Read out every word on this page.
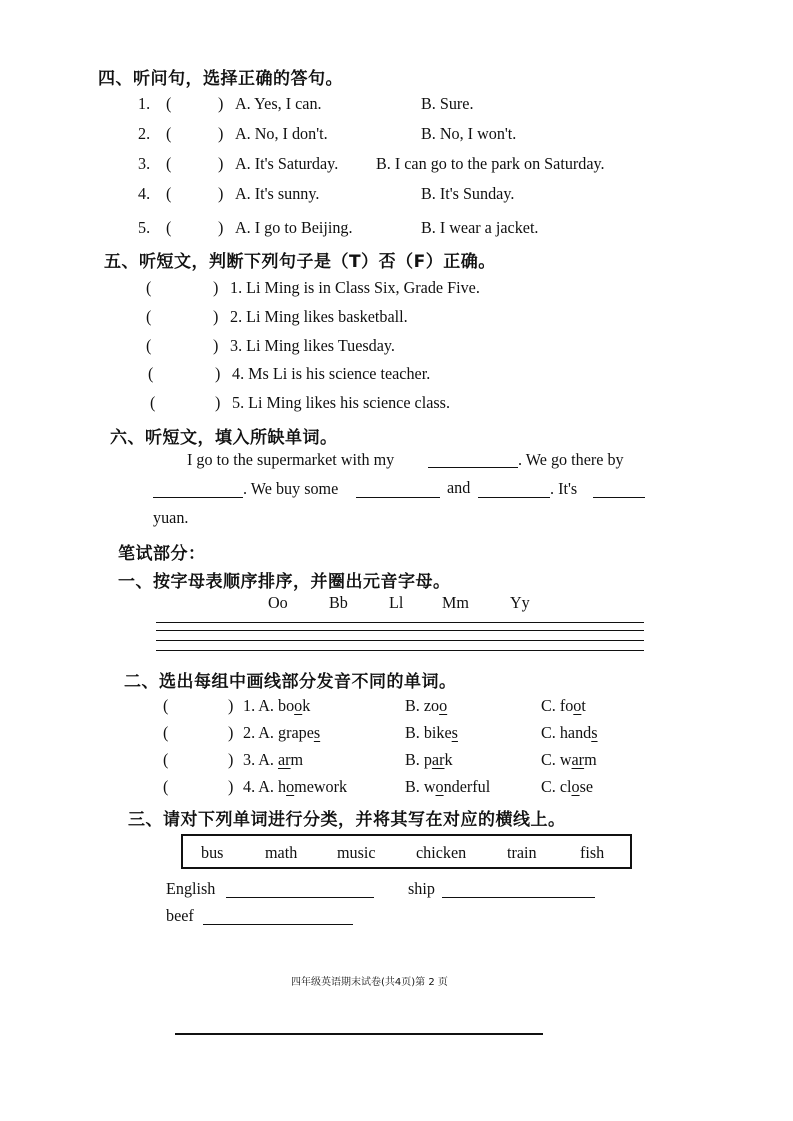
四、听问句，选择正确的答句。
1. (	) A. Yes, I can.	B. Sure.
2. (	) A. No, I don't.	B. No, I won't.
3. (	) A. It's Saturday. B. I can go to the park on Saturday.
4. (	) A. It's sunny.	B. It's Sunday.
5. (	) A. I go to Beijing.	B. I wear a jacket.
五、听短文，判断下列句子是（T）否（F）正确。
(	) 1. Li Ming is in Class Six, Grade Five.
(	) 2. Li Ming likes basketball.
(	) 3. Li Ming likes Tuesday.
(	) 4. Ms Li is his science teacher.
(	) 5. Li Ming likes his science class.
六、听短文，填入所缺单词。
I go to the supermarket with my	. We go there by
. We buy some	and	. It's
yuan.
笔试部分：
一、按字母表顺序排序，并圈出元音字母。
Oo Bb Ll Mm Yy
二、选出每组中画线部分发音不同的单词。
(	) 1. A. book	B. zoo	C. foot
(	) 2. A. grapes	B. bikes	C. hands
(	) 3. A. arm	B. park	C. warm
(	) 4. A. homework	B. wonderful	C. close
三、请对下列单词进行分类，并将其写在对应的横线上。
bus math music chicken train	fish
English	ship
beef
四年级英语期末试卷(共4页)第 2 页
